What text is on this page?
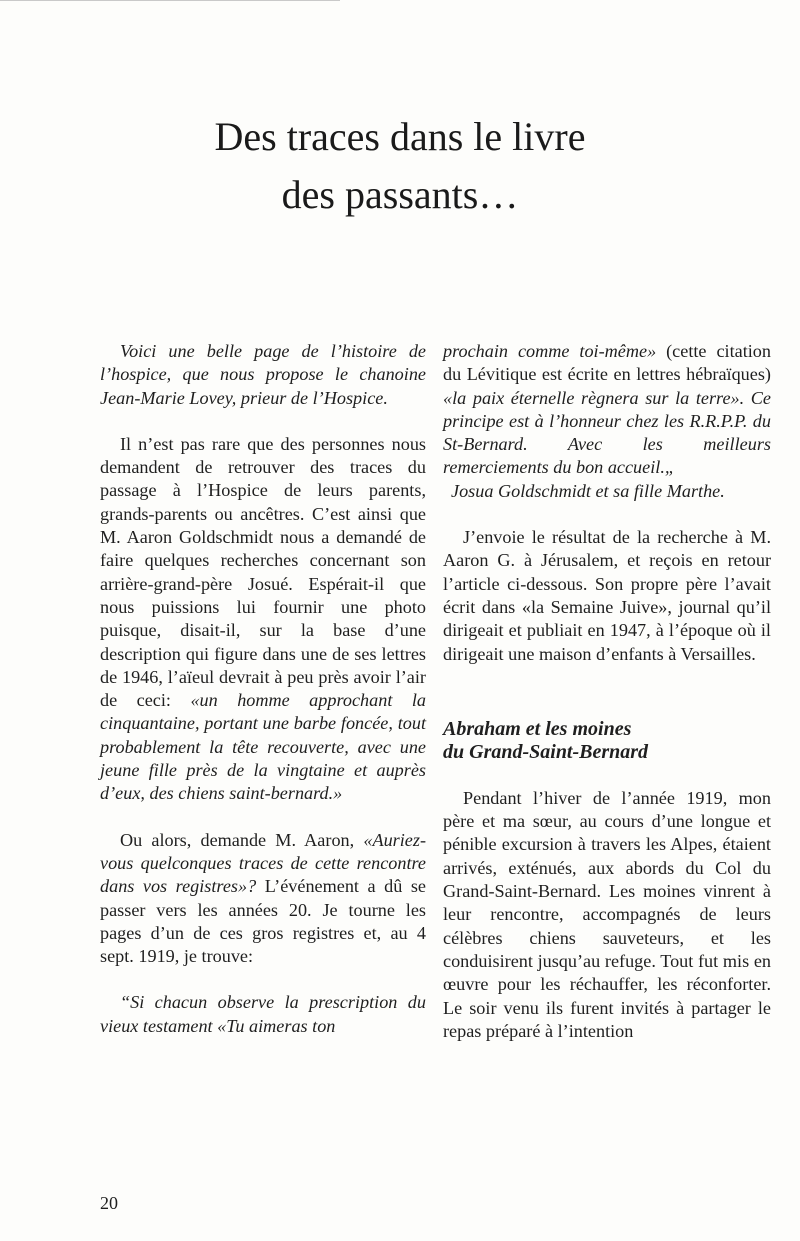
Des traces dans le livre
des passants…

Voici une belle page de l’histoire de l’hospice, que nous propose le chanoine Jean-Marie Lovey, prieur de l’Hospice.

Il n’est pas rare que des personnes nous demandent de retrouver des traces du passage à l’Hospice de leurs parents, grands-parents ou ancêtres. C’est ainsi que M. Aaron Goldschmidt nous a demandé de faire quelques recherches concernant son arrière-grand-père Josué. Espérait-il que nous puissions lui fournir une photo puisque, disait-il, sur la base d’une description qui figure dans une de ses lettres de 1946, l’aïeul devrait à peu près avoir l’air de ceci: «un homme approchant la cinquantaine, portant une barbe foncée, tout probablement la tête recouverte, avec une jeune fille près de la vingtaine et auprès d’eux, des chiens saint-bernard.»

Ou alors, demande M. Aaron, «Auriez-vous quelconques traces de cette rencontre dans vos registres»? L’événement a dû se passer vers les années 20. Je tourne les pages d’un de ces gros registres et, au 4 sept. 1919, je trouve:

“Si chacun observe la prescription du vieux testament «Tu aimeras ton

prochain comme toi-même» (cette citation du Lévitique est écrite en lettres hébraïques) «la paix éternelle règnera sur la terre». Ce principe est à l’honneur chez les R.R.P.P. du St-Bernard. Avec les meilleurs remerciements du bon accueil.„

Josua Goldschmidt et sa fille Marthe.

J’envoie le résultat de la recherche à M. Aaron G. à Jérusalem, et reçois en retour l’article ci-dessous. Son propre père l’avait écrit dans «la Semaine Juive», journal qu’il dirigeait et publiait en 1947, à l’époque où il dirigeait une maison d’enfants à Versailles.

Abraham et les moines
du Grand-Saint-Bernard

Pendant l’hiver de l’année 1919, mon père et ma sœur, au cours d’une longue et pénible excursion à travers les Alpes, étaient arrivés, exténués, aux abords du Col du Grand-Saint-Bernard. Les moines vinrent à leur rencontre, accompagnés de leurs célèbres chiens sauveteurs, et les conduisirent jusqu’au refuge. Tout fut mis en œuvre pour les réchauffer, les réconforter. Le soir venu ils furent invités à partager le repas préparé à l’intention

20
